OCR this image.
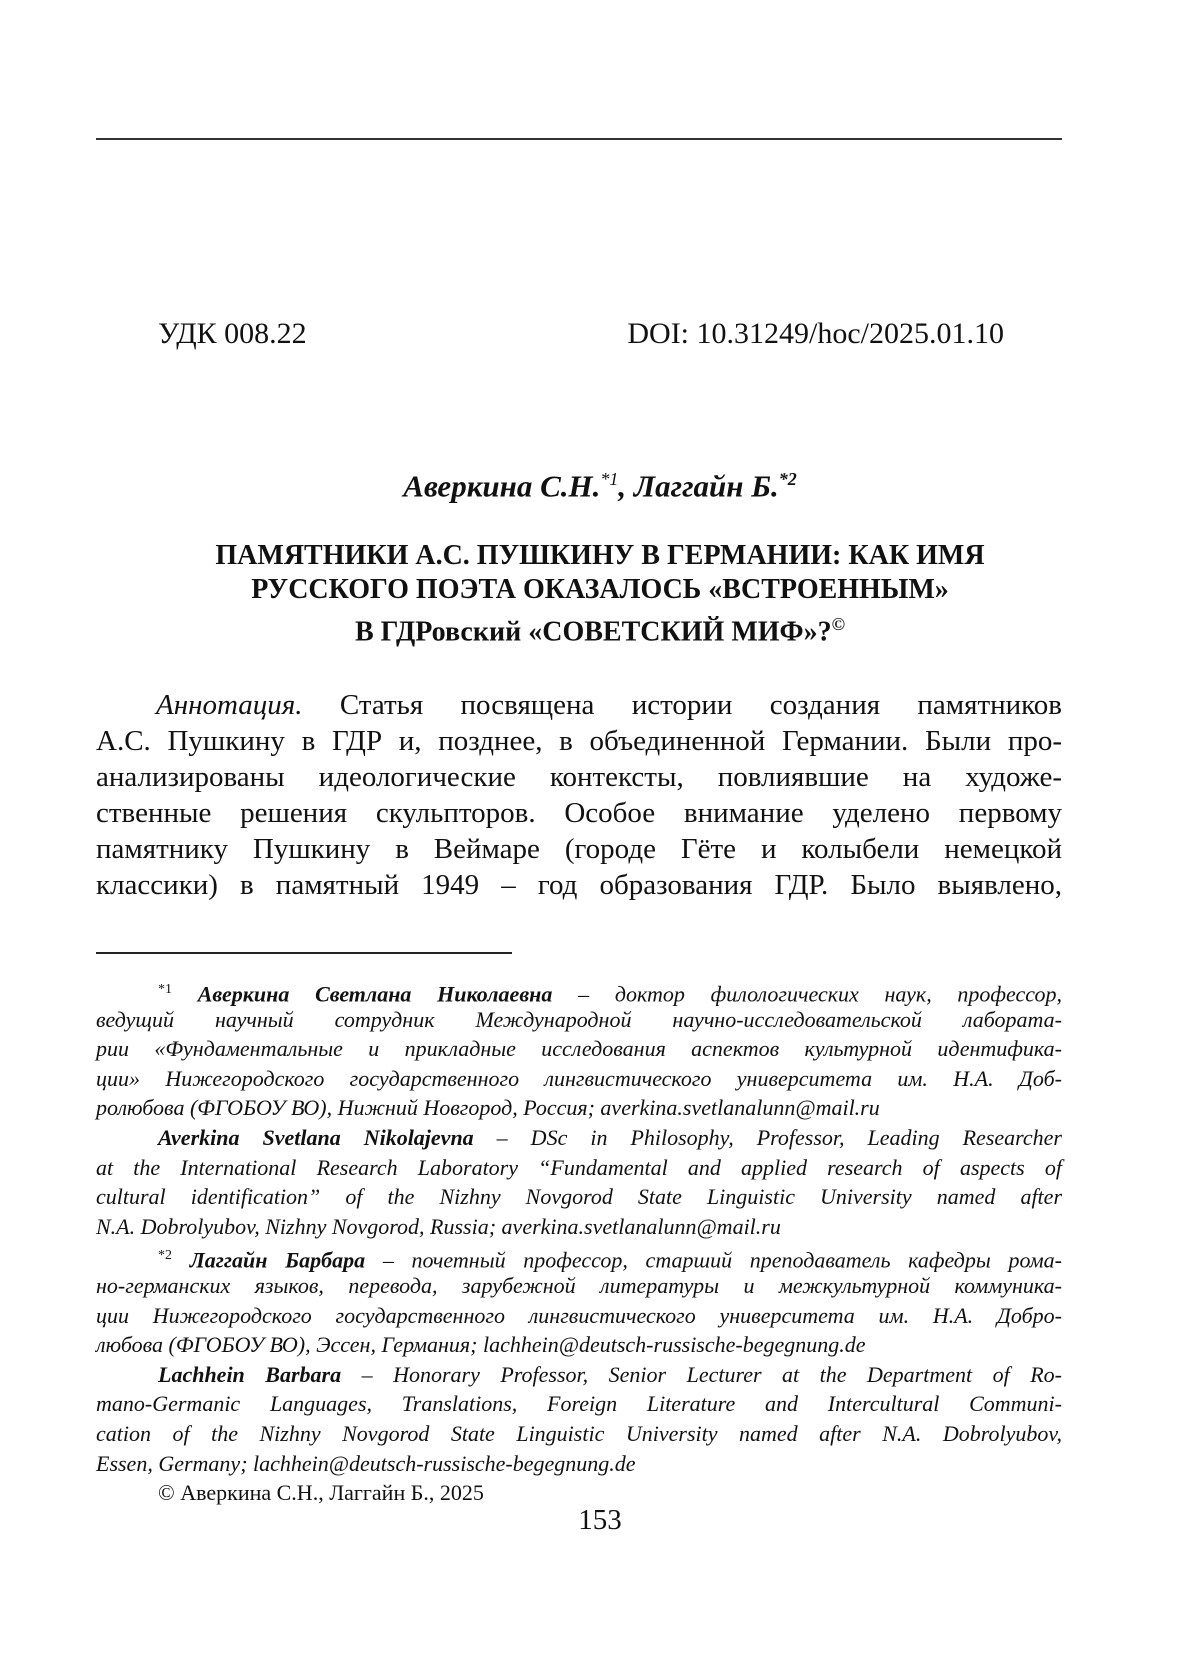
УДК 008.22	DOI: 10.31249/hoc/2025.01.10
Аверкина С.Н.$^{*1}$, Лаггайн Б.$^{*2}$
ПАМЯТНИКИ А.С. ПУШКИНУ В ГЕРМАНИИ: КАК ИМЯ
РУССКОГО ПОЭТА ОКАЗАЛОСЬ «ВСТРОЕННЫМ»
В ГДРовский «СОВЕТСКИЙ МИФ»?©
Аннотация. Статья посвящена истории создания памятников
А.С. Пушкину в ГДР и, позднее, в объединенной Германии. Были про-
анализированы идеологические контексты, повлиявшие на художе-
ственные решения скульпторов. Особое внимание уделено первому
памятнику Пушкину в Веймаре (городе Гёте и колыбели немецкой
классики) в памятный 1949 – год образования ГДР. Было выявлено,
$^{*1}$ Аверкина Светлана Николаевна – доктор филологических наук, профессор,
ведущий научный сотрудник Международной научно-исследовательской лабората-
рии «Фундаментальные и прикладные исследования аспектов культурной идентифика-
ции» Нижегородского государственного лингвистического университета им. Н.А. Доб-
ролюбова (ФГОБОУ ВО), Нижний Новгород, Россия; averkina.svetlanalunn@mail.ru
Averkina Svetlana Nikolajevna – DSc in Philosophy, Professor, Leading Researcher
at the International Research Laboratory “Fundamental and applied research of aspects of
cultural identification” of the Nizhny Novgorod State Linguistic University named after
N.A. Dobrolyubov, Nizhny Novgorod, Russia; averkina.svetlanalunn@mail.ru
$^{*2}$ Лаггайн Барбара – почетный профессор, старший преподаватель кафедры рома-
но-германских языков, перевода, зарубежной литературы и межкультурной коммуника-
ции Нижегородского государственного лингвистического университета им. Н.А. Добро-
любова (ФГОБОУ ВО), Эссен, Германия; lachhein@deutsch-russische-begegnung.de
Lachhein Barbara – Honorary Professor, Senior Lecturer at the Department of Ro-
mano-Germanic Languages, Translations, Foreign Literature and Intercultural Communi-
cation of the Nizhny Novgorod State Linguistic University named after N.A. Dobrolyubov,
Essen, Germany; lachhein@deutsch-russische-begegnung.de
© Аверкина С.Н., Лаггайн Б., 2025
153
